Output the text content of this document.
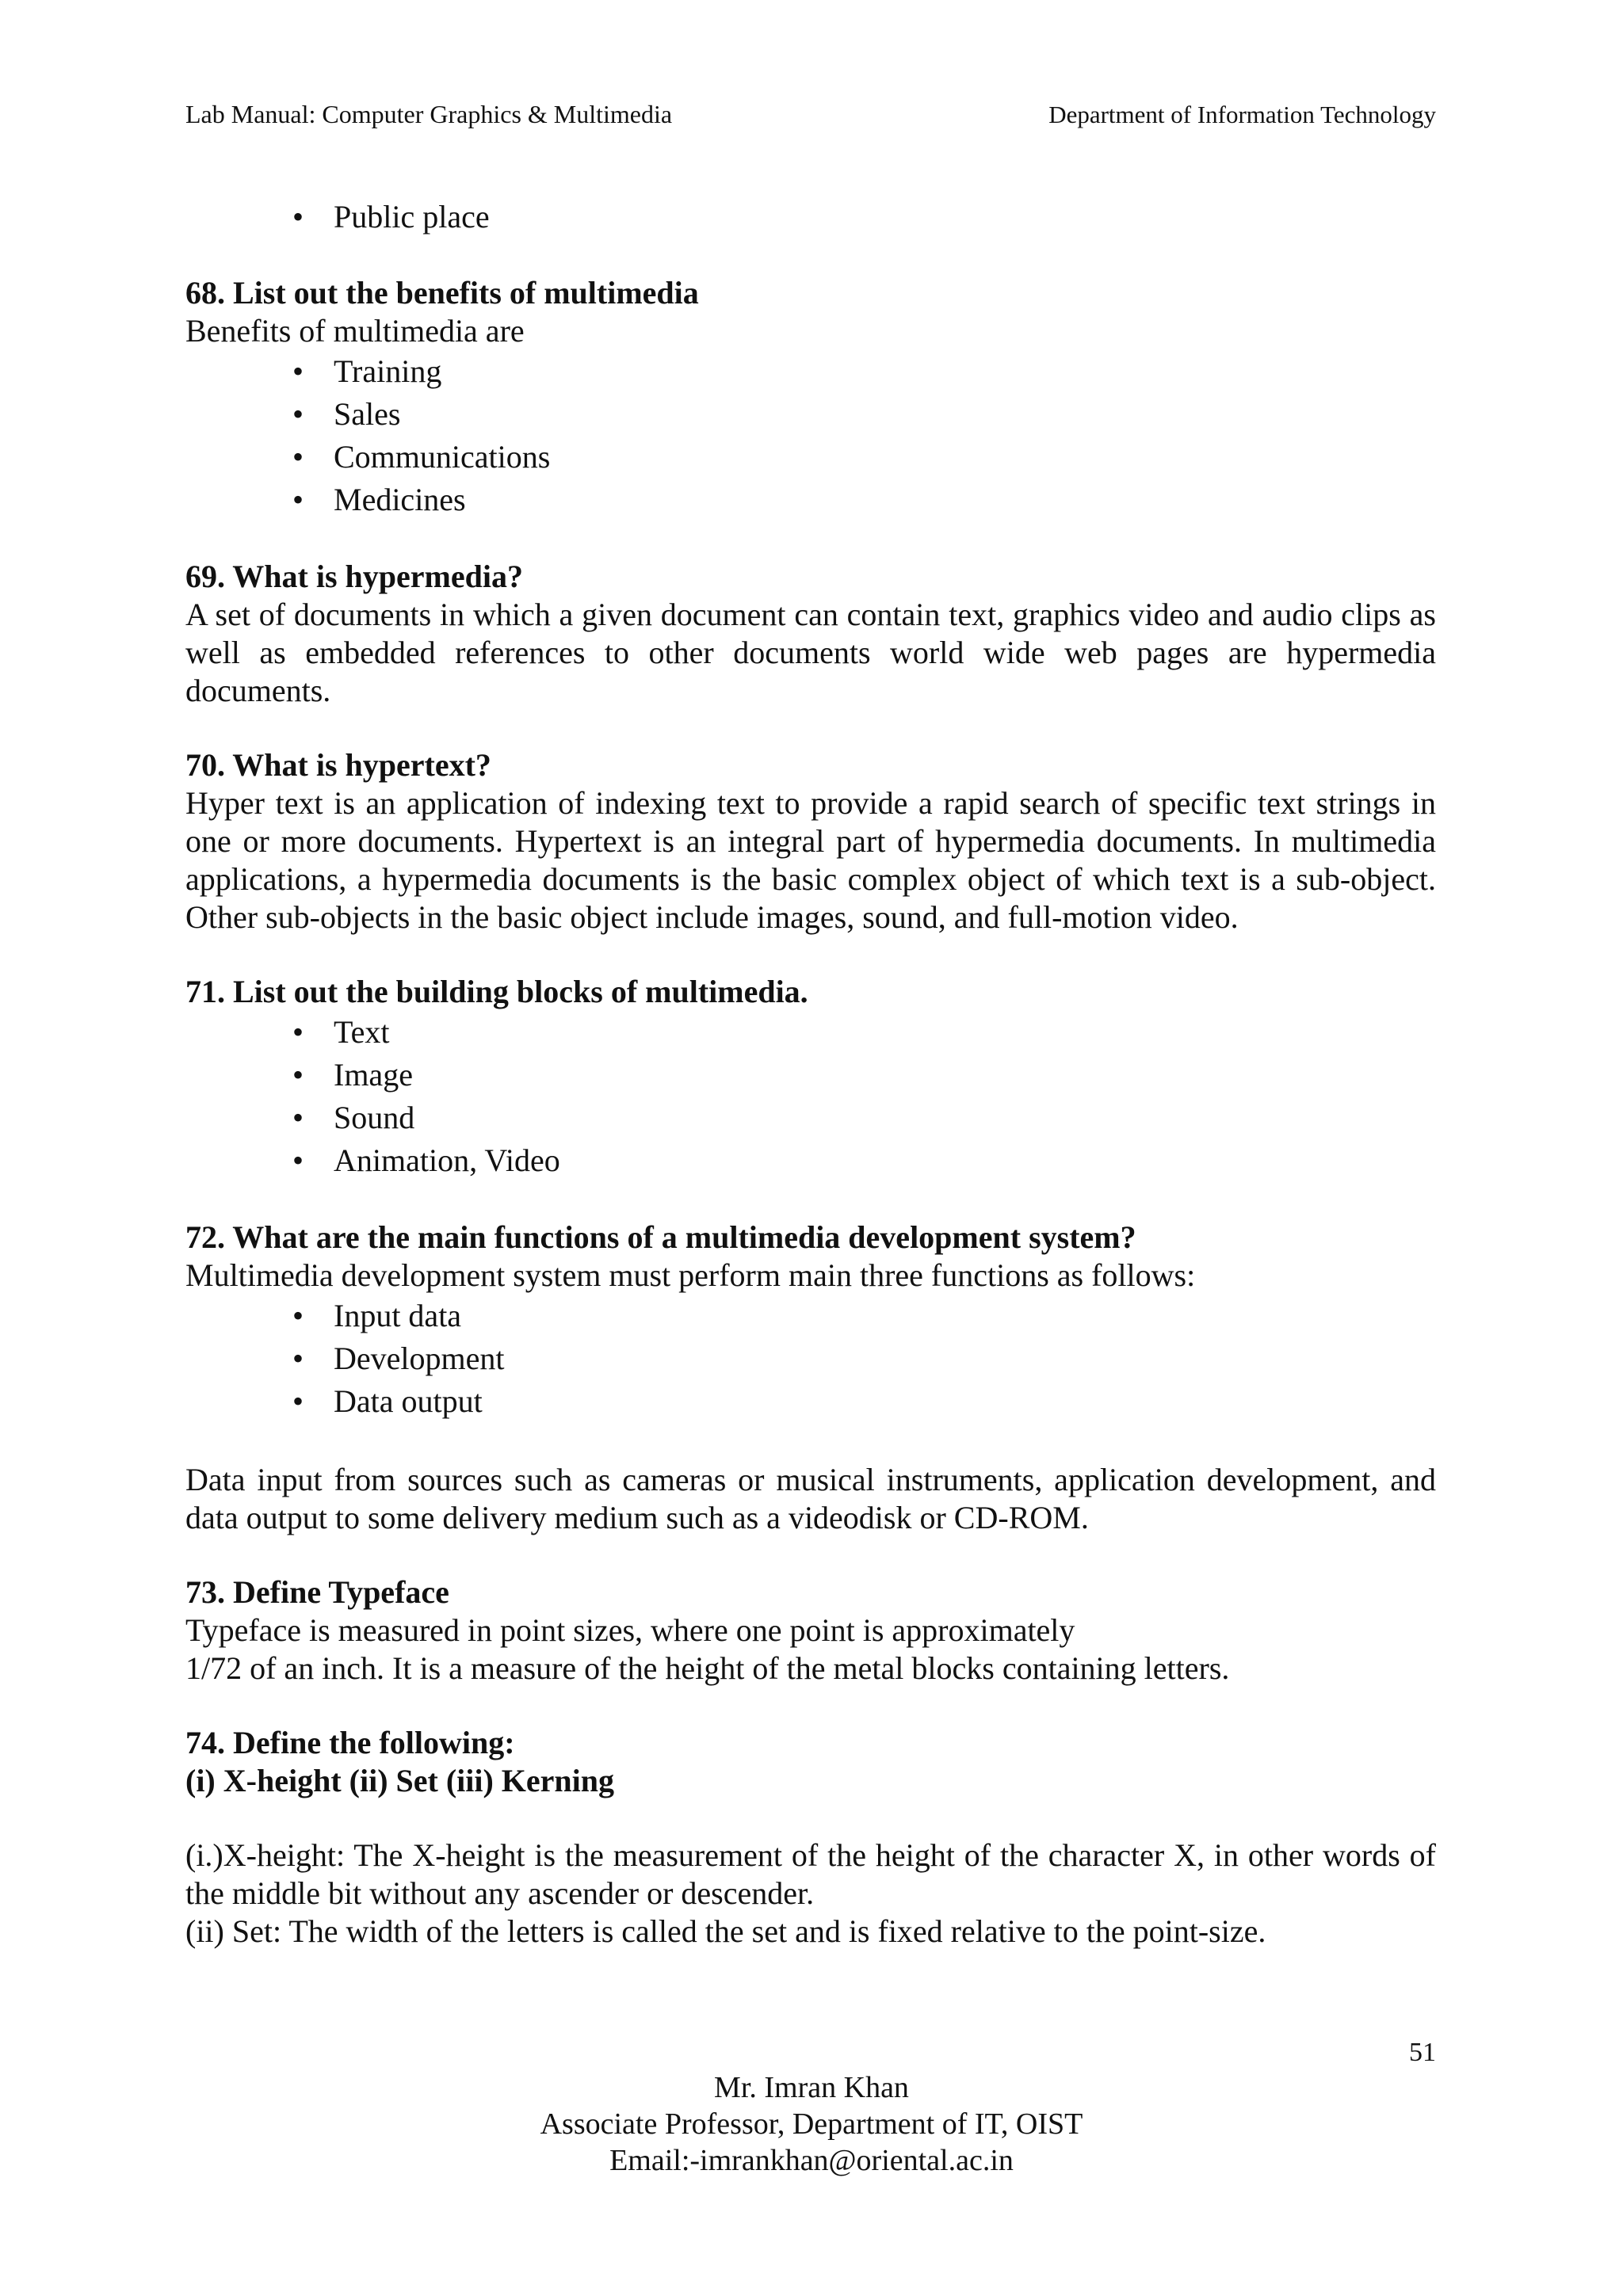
Lab Manual: Computer Graphics & Multimedia	Department of Information Technology
• Public place

68. List out the benefits of multimedia

Benefits of multimedia are

• Training
• Sales
• Communications
• Medicines

69. What is hypermedia?

A set of documents in which a given document can contain text, graphics video and audio clips as well as embedded references to other documents world wide web pages are hypermedia documents.

70. What is hypertext?

Hyper text is an application of indexing text to provide a rapid search of specific text strings in one or more documents. Hypertext is an integral part of hypermedia documents. In multimedia applications, a hypermedia documents is the basic complex object of which text is a sub-object. Other sub-objects in the basic object include images, sound, and full-motion video.

71. List out the building blocks of multimedia.

• Text
• Image
• Sound
• Animation, Video

72. What are the main functions of a multimedia development system?

Multimedia development system must perform main three functions as follows:

• Input data
• Development
• Data output

Data input from sources such as cameras or musical instruments, application development, and data output to some delivery medium such as a videodisk or CD-ROM.

73. Define Typeface

Typeface is measured in point sizes, where one point is approximately

1/72 of an inch. It is a measure of the height of the metal blocks containing letters.

74. Define the following:

(i) X-height (ii) Set (iii) Kerning

(i.)X-height: The X-height is the measurement of the height of the character X, in other words of the middle bit without any ascender or descender.

(ii) Set: The width of the letters is called the set and is fixed relative to the point-size.

51
Mr. Imran Khan
Associate Professor, Department of IT, OIST
Email:-imrankhan@oriental.ac.in
